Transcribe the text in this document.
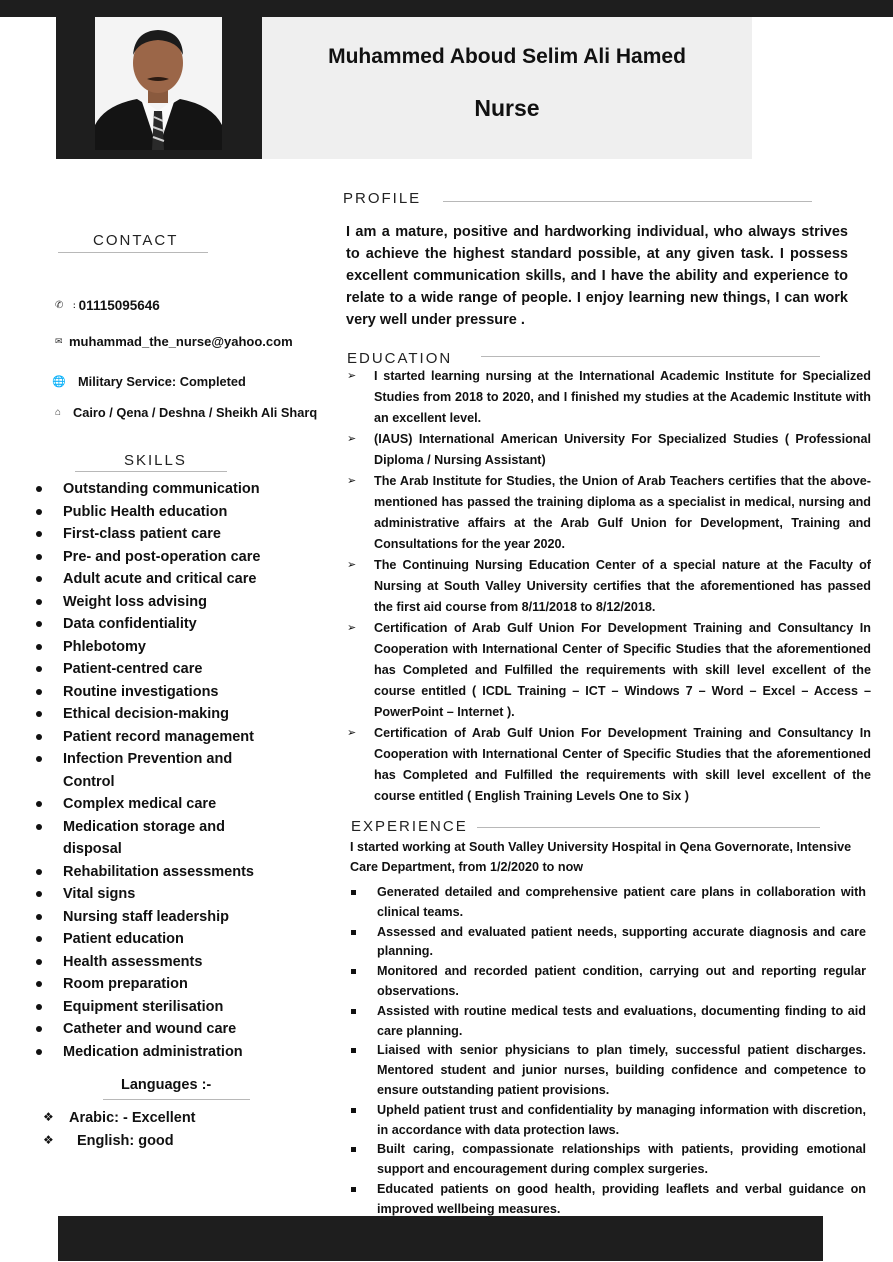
Muhammed Aboud Selim Ali Hamed
Nurse
CONTACT
✆	: 01115095646
✉ muhammad_the_nurse@yahoo.com
🌐 Military Service: Completed
⌂ Cairo / Qena / Deshna / Sheikh Ali Sharq
SKILLS
Outstanding communication
Public Health education
First-class patient care
Pre- and post-operation care
Adult acute and critical care
Weight loss advising
Data confidentiality
Phlebotomy
Patient-centred care
Routine investigations
Ethical decision-making
Patient record management
Infection Prevention and Control
Complex medical care
Medication storage and disposal
Rehabilitation assessments
Vital signs
Nursing staff leadership
Patient education
Health assessments
Room preparation
Equipment sterilisation
Catheter and wound care
Medication administration
Languages :-
❖	Arabic: - Excellent
❖	English: good
PROFILE
I am a mature, positive and hardworking individual, who always strives to achieve the highest standard possible, at any given task. I possess excellent communication skills, and I have the ability and experience to relate to a wide range of people. I enjoy learning new things, I can work very well under pressure .
EDUCATION
➢ I started learning nursing at the International Academic Institute for Specialized Studies from 2018 to 2020, and I finished my studies at the Academic Institute with an excellent level.
➢ (IAUS) International American University For Specialized Studies ( Professional Diploma / Nursing Assistant)
➢ The Arab Institute for Studies, the Union of Arab Teachers certifies that the above-mentioned has passed the training diploma as a specialist in medical, nursing and administrative affairs at the Arab Gulf Union for Development, Training and Consultations for the year 2020.
➢ The Continuing Nursing Education Center of a special nature at the Faculty of Nursing at South Valley University certifies that the aforementioned has passed the first aid course from 8/11/2018 to 8/12/2018.
➢ Certification of Arab Gulf Union For Development Training and Consultancy In Cooperation with International Center of Specific Studies that the aforementioned has Completed and Fulfilled the requirements with skill level excellent of the course entitled ( ICDL Training – ICT – Windows 7 – Word – Excel – Access – PowerPoint – Internet ).
➢ Certification of Arab Gulf Union For Development Training and Consultancy In Cooperation with International Center of Specific Studies that the aforementioned has Completed and Fulfilled the requirements with skill level excellent of the course entitled ( English Training Levels One to Six )
EXPERIENCE
I started working at South Valley University Hospital in Qena Governorate, Intensive Care Department, from 1/2/2020 to now
Generated detailed and comprehensive patient care plans in collaboration with clinical teams.
Assessed and evaluated patient needs, supporting accurate diagnosis and care planning.
Monitored and recorded patient condition, carrying out and reporting regular observations.
Assisted with routine medical tests and evaluations, documenting finding to aid care planning.
Liaised with senior physicians to plan timely, successful patient discharges. Mentored student and junior nurses, building confidence and competence to ensure outstanding patient provisions.
Upheld patient trust and confidentiality by managing information with discretion, in accordance with data protection laws.
Built caring, compassionate relationships with patients, providing emotional support and encouragement during complex surgeries.
Educated patients on good health, providing leaflets and verbal guidance on improved wellbeing measures.
